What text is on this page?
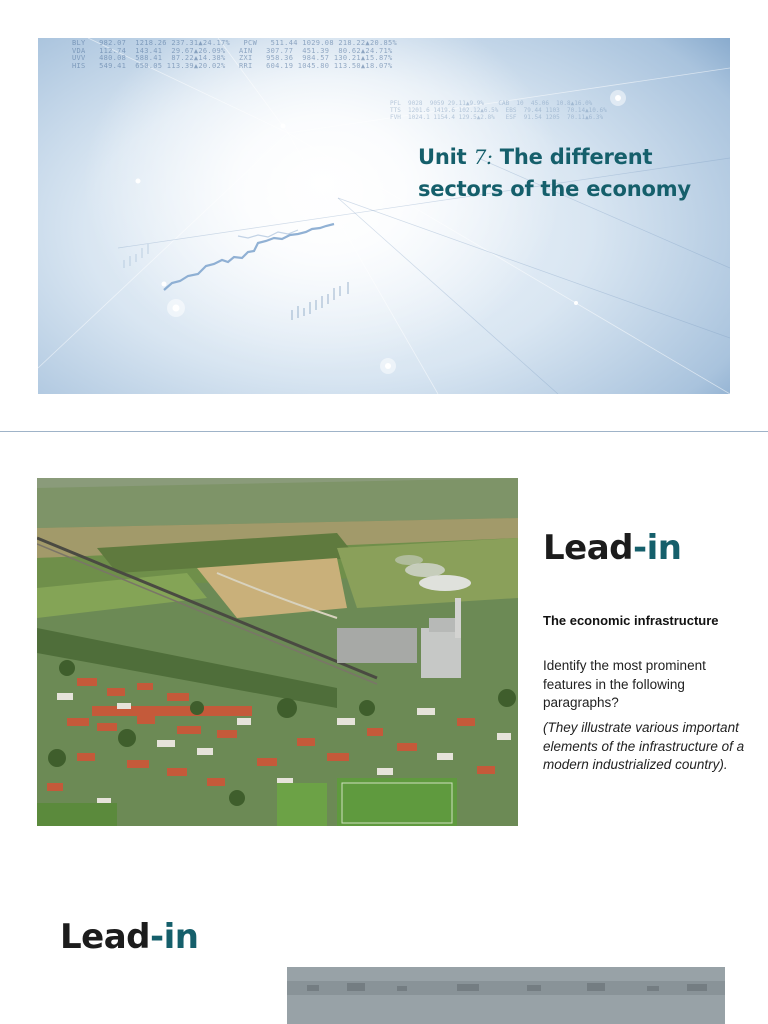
BLY   982.07  1218.26 237.31▲24.17%   PCW   511.44 1029.08 218.22▲20.85%
VDA   112.74  143.41  29.67▲26.09%   AIN   307.77  451.39  80.62▲24.71%
UVV   480.08  588.41  87.22▲14.38%   ZXI   958.36  984.57 130.21▲15.87%
HIS   549.41  650.05 113.39▲20.02%   RRI   604.19 1045.80 113.50▲18.07%
PFL  9028  9059 29.11▲9.9%    CAB  10  45.06  10.8▲16.0%
TTS  1201.6 1419.6 102.12▲6.5%  EBS  79.44 1103  70.14▲10.6%
FVH  1024.1 1154.4 129.5▲2.8%   ESF  91.54 1205  70.11▲6.3%
Unit 7: The different
sectors of the economy
Lead-in
The economic infrastructure
Identify the most prominent features in the following paragraphs?
(They illustrate various important elements of the infrastructure of a modern industrialized country).
Lead-in
